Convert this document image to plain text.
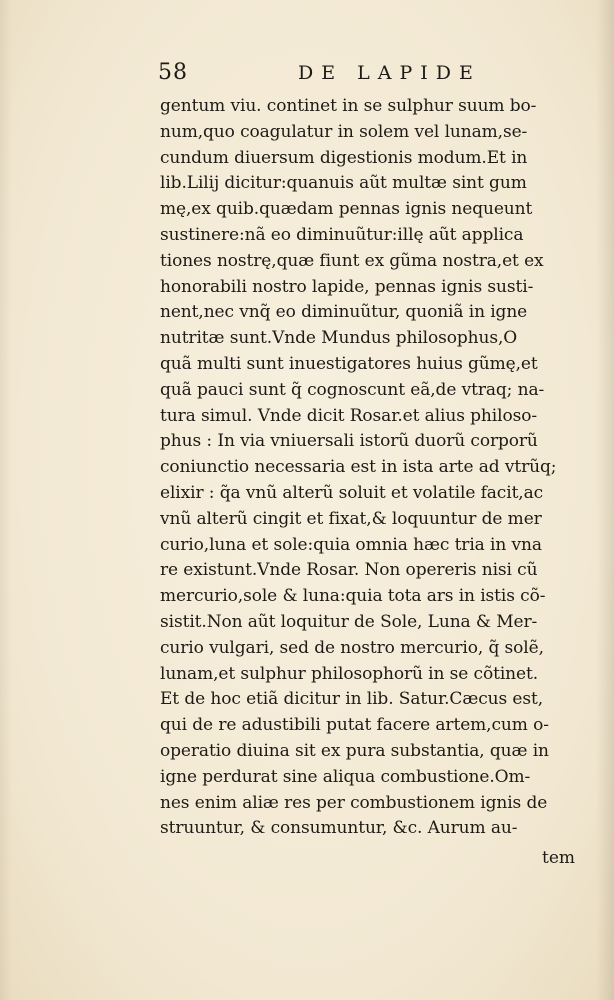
58	DE LAPIDE
gentum viu. continet in se sulphur suum bo-
num,quo coagulatur in solem vel lunam,se-
cundum diuersum digestionis modum.Et in
lib.Lilij dicitur:quanuis aũt multæ sint gum
mę,ex quib.quædam pennas ignis nequeunt
sustinere:nã eo diminuũtur:illę aũt applica
tiones nostrę,quæ fiunt ex gũma nostra,et ex
honorabili nostro lapide, pennas ignis susti-
nent,nec vnq̃ eo diminuũtur, quoniã in igne
nutritæ sunt.Vnde Mundus philosophus,O
quã multi sunt inuestigatores huius gũmę,et
quã pauci sunt q̃ cognoscunt eã,de vtraq; na-
tura simul. Vnde dicit Rosar.et alius philoso-
phus : In via vniuersali istorũ duorũ corporũ
coniunctio necessaria est in ista arte ad vtrũq;
elixir : q̃a vnũ alterũ soluit et volatile facit,ac
vnũ alterũ cingit et fixat,& loquuntur de mer
curio,luna et sole:quia omnia hæc tria in vna
re existunt.Vnde Rosar. Non opereris nisi cũ
mercurio,sole & luna:quia tota ars in istis cõ-
sistit.Non aũt loquitur de Sole, Luna & Mer-
curio vulgari, sed de nostro mercurio, q̃ solẽ,
lunam,et sulphur philosophorũ in se cõtinet.
Et de hoc etiã dicitur in lib. Satur.Cæcus est,
qui de re adustibili putat facere artem,cum o-
operatio diuina sit ex pura substantia, quæ in
igne perdurat sine aliqua combustione.Om-
nes enim aliæ res per combustionem ignis de
struuntur, & consumuntur, &c. Aurum au-
tem
